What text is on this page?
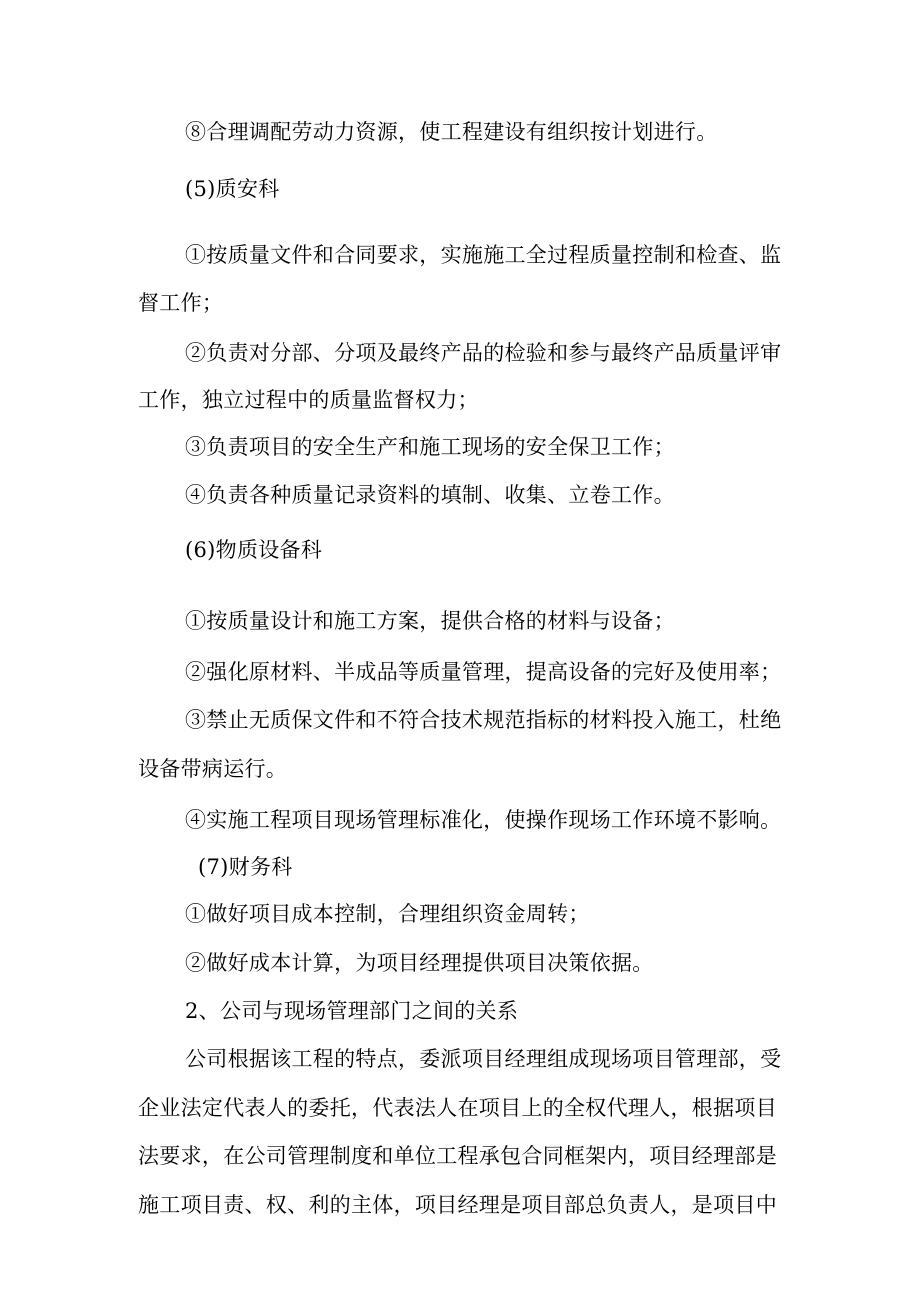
⑧合理调配劳动力资源，使工程建设有组织按计划进行。
(5)质安科
①按质量文件和合同要求，实施施工全过程质量控制和检查、监
督工作；
②负责对分部、分项及最终产品的检验和参与最终产品质量评审
工作，独立过程中的质量监督权力；
③负责项目的安全生产和施工现场的安全保卫工作；
④负责各种质量记录资料的填制、收集、立卷工作。
(6)物质设备科
①按质量设计和施工方案，提供合格的材料与设备；
②强化原材料、半成品等质量管理，提高设备的完好及使用率；
③禁止无质保文件和不符合技术规范指标的材料投入施工，杜绝
设备带病运行。
④实施工程项目现场管理标准化，使操作现场工作环境不影响。
(7)财务科
①做好项目成本控制，合理组织资金周转；
②做好成本计算，为项目经理提供项目决策依据。
2、公司与现场管理部门之间的关系
公司根据该工程的特点，委派项目经理组成现场项目管理部，受
企业法定代表人的委托，代表法人在项目上的全权代理人，根据项目
法要求，在公司管理制度和单位工程承包合同框架内，项目经理部是
施工项目责、权、利的主体，项目经理是项目部总负责人，是项目中
